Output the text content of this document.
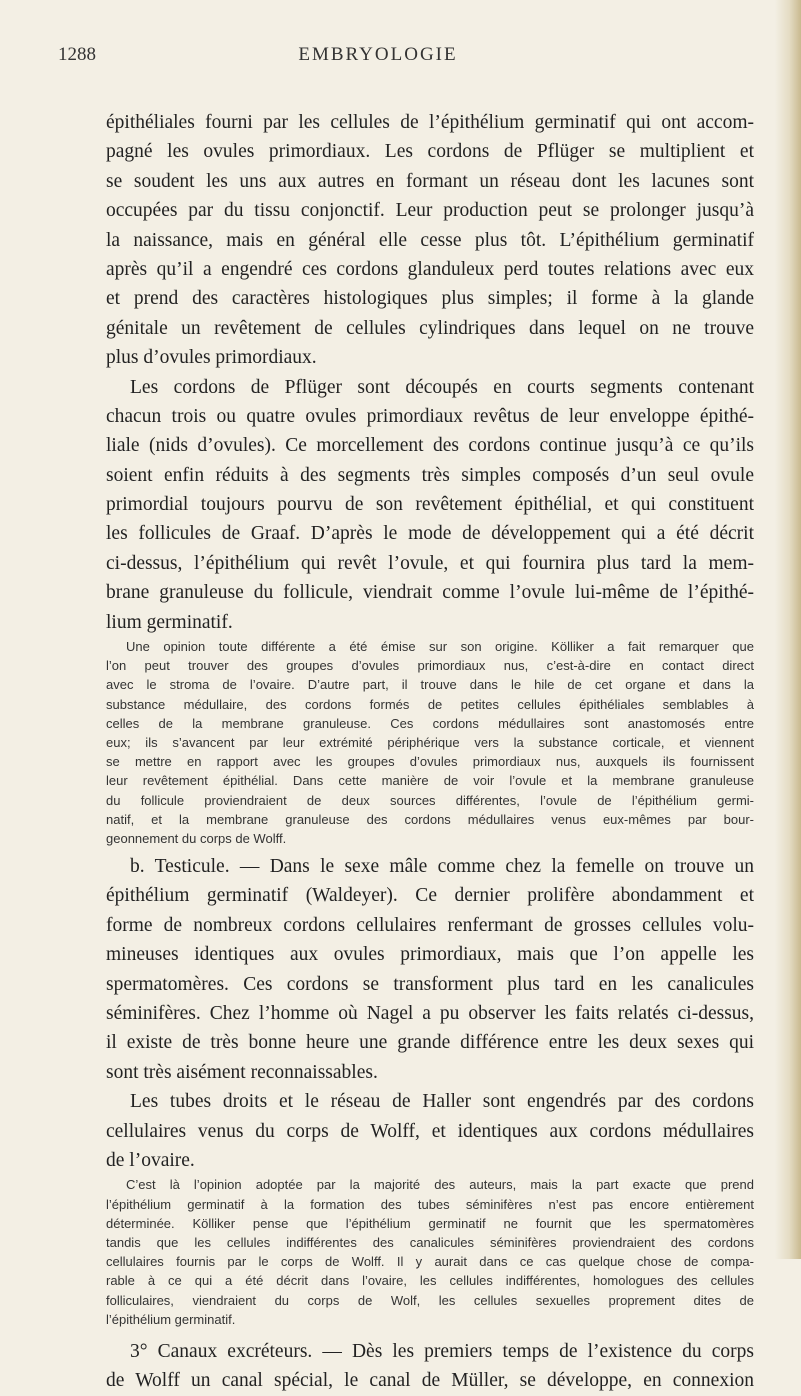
1288	EMBRYOLOGIE
épithéliales fourni par les cellules de l’épithélium germinatif qui ont accom-
pagné les ovules primordiaux. Les cordons de Pflüger se multiplient et
se soudent les uns aux autres en formant un réseau dont les lacunes sont
occupées par du tissu conjonctif. Leur production peut se prolonger jusqu’à
la naissance, mais en général elle cesse plus tôt. L’épithélium germinatif
après qu’il a engendré ces cordons glanduleux perd toutes relations avec eux
et prend des caractères histologiques plus simples; il forme à la glande
génitale un revêtement de cellules cylindriques dans lequel on ne trouve
plus d’ovules primordiaux.
Les cordons de Pflüger sont découpés en courts segments contenant
chacun trois ou quatre ovules primordiaux revêtus de leur enveloppe épithé-
liale (nids d’ovules). Ce morcellement des cordons continue jusqu’à ce qu’ils
soient enfin réduits à des segments très simples composés d’un seul ovule
primordial toujours pourvu de son revêtement épithélial, et qui constituent
les follicules de Graaf. D’après le mode de développement qui a été décrit
ci-dessus, l’épithélium qui revêt l’ovule, et qui fournira plus tard la mem-
brane granuleuse du follicule, viendrait comme l’ovule lui-même de l’épithé-
lium germinatif.
Une opinion toute différente a été émise sur son origine. Kölliker a fait remarquer que
l’on peut trouver des groupes d’ovules primordiaux nus, c’est-à-dire en contact direct
avec le stroma de l’ovaire. D’autre part, il trouve dans le hile de cet organe et dans la
substance médullaire, des cordons formés de petites cellules épithéliales semblables à
celles de la membrane granuleuse. Ces cordons médullaires sont anastomosés entre
eux; ils s’avancent par leur extrémité périphérique vers la substance corticale, et viennent
se mettre en rapport avec les groupes d’ovules primordiaux nus, auxquels ils fournissent
leur revêtement épithélial. Dans cette manière de voir l’ovule et la membrane granuleuse
du follicule proviendraient de deux sources différentes, l’ovule de l’épithélium germi-
natif, et la membrane granuleuse des cordons médullaires venus eux-mêmes par bour-
geonnement du corps de Wolff.
b. Testicule. — Dans le sexe mâle comme chez la femelle on trouve un
épithélium germinatif (Waldeyer). Ce dernier prolifère abondamment et
forme de nombreux cordons cellulaires renfermant de grosses cellules volu-
mineuses identiques aux ovules primordiaux, mais que l’on appelle les
spermatomères. Ces cordons se transforment plus tard en les canalicules
séminifères. Chez l’homme où Nagel a pu observer les faits relatés ci-dessus,
il existe de très bonne heure une grande différence entre les deux sexes qui
sont très aisément reconnaissables.
Les tubes droits et le réseau de Haller sont engendrés par des cordons
cellulaires venus du corps de Wolff, et identiques aux cordons médullaires
de l’ovaire.
C’est là l’opinion adoptée par la majorité des auteurs, mais la part exacte que prend
l’épithélium germinatif à la formation des tubes séminifères n’est pas encore entièrement
déterminée. Kölliker pense que l’épithélium germinatif ne fournit que les spermatomères
tandis que les cellules indifférentes des canalicules séminifères proviendraient des cordons
cellulaires fournis par le corps de Wolff. Il y aurait dans ce cas quelque chose de compa-
rable à ce qui a été décrit dans l’ovaire, les cellules indifférentes, homologues des cellules
folliculaires, viendraient du corps de Wolf, les cellules sexuelles proprement dites de
l’épithélium germinatif.
3° Canaux excréteurs. — Dès les premiers temps de l’existence du corps
de Wolff un canal spécial, le canal de Müller, se développe, en connexion
